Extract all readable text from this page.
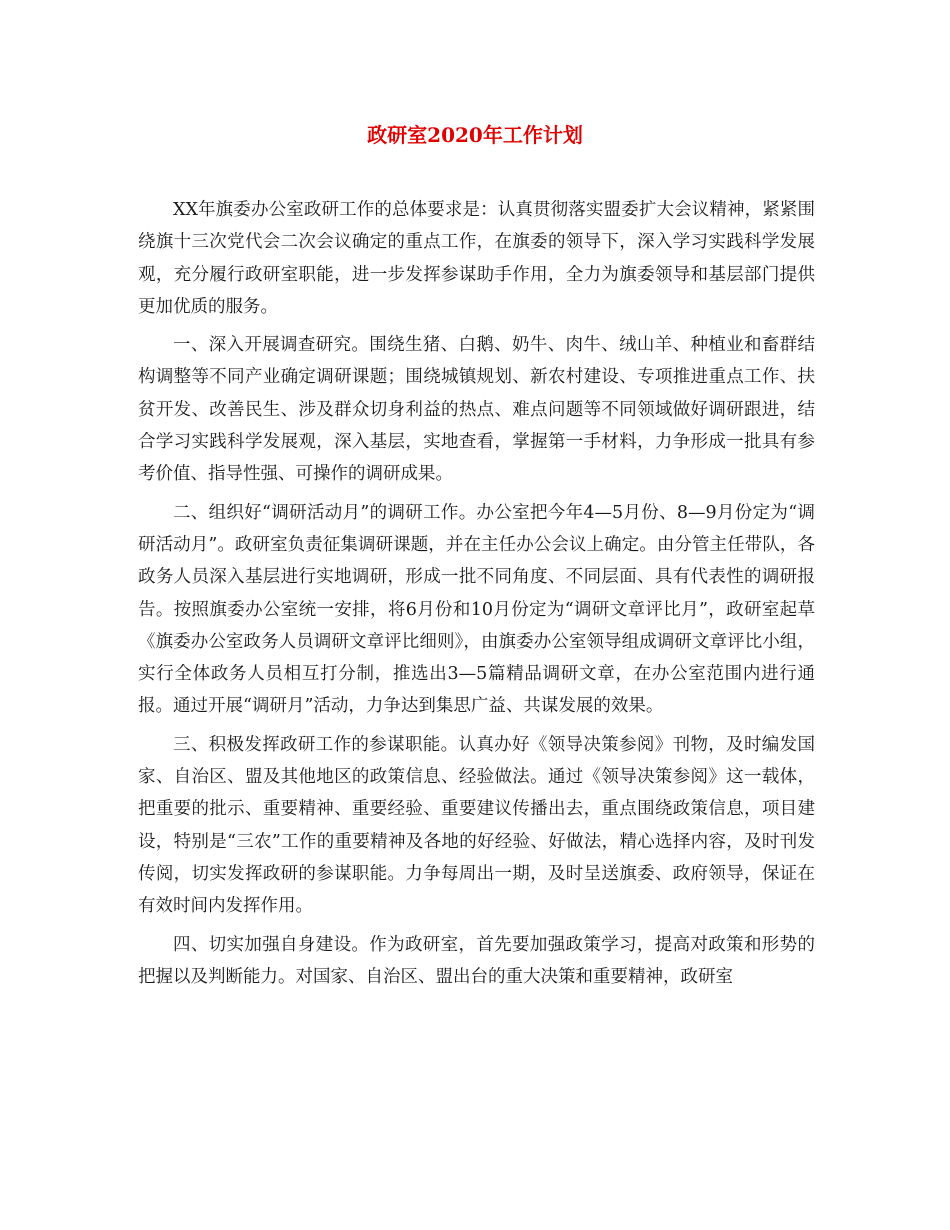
政研室2020年工作计划

XX年旗委办公室政研工作的总体要求是：认真贯彻落实盟委扩大会议精神，紧紧围绕旗十三次党代会二次会议确定的重点工作，在旗委的领导下，深入学习实践科学发展观，充分履行政研室职能，进一步发挥参谋助手作用，全力为旗委领导和基层部门提供更加优质的服务。

一、深入开展调查研究。围绕生猪、白鹅、奶牛、肉牛、绒山羊、种植业和畜群结构调整等不同产业确定调研课题；围绕城镇规划、新农村建设、专项推进重点工作、扶贫开发、改善民生、涉及群众切身利益的热点、难点问题等不同领域做好调研跟进，结合学习实践科学发展观，深入基层，实地查看，掌握第一手材料，力争形成一批具有参考价值、指导性强、可操作的调研成果。

二、组织好“调研活动月”的调研工作。办公室把今年4—5月份、8—9月份定为“调研活动月”。政研室负责征集调研课题，并在主任办公会议上确定。由分管主任带队，各政务人员深入基层进行实地调研，形成一批不同角度、不同层面、具有代表性的调研报告。按照旗委办公室统一安排，将6月份和10月份定为“调研文章评比月”，政研室起草《旗委办公室政务人员调研文章评比细则》，由旗委办公室领导组成调研文章评比小组，实行全体政务人员相互打分制，推选出3—5篇精品调研文章，在办公室范围内进行通报。通过开展“调研月”活动，力争达到集思广益、共谋发展的效果。

三、积极发挥政研工作的参谋职能。认真办好《领导决策参阅》刊物，及时编发国家、自治区、盟及其他地区的政策信息、经验做法。通过《领导决策参阅》这一载体，把重要的批示、重要精神、重要经验、重要建议传播出去，重点围绕政策信息，项目建设，特别是“三农”工作的重要精神及各地的好经验、好做法，精心选择内容，及时刊发传阅，切实发挥政研的参谋职能。力争每周出一期，及时呈送旗委、政府领导，保证在有效时间内发挥作用。

四、切实加强自身建设。作为政研室，首先要加强政策学习，提高对政策和形势的把握以及判断能力。对国家、自治区、盟出台的重大决策和重要精神，政研室
